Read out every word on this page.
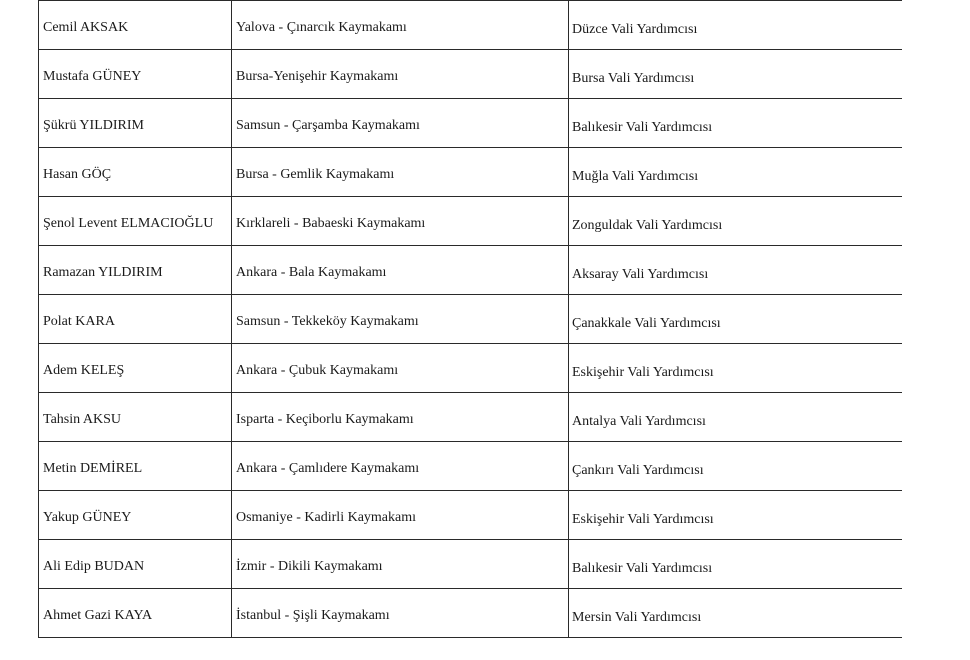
Cemil AKSAK	Yalova - Çınarcık Kaymakamı	Düzce Vali Yardımcısı
Mustafa GÜNEY	Bursa-Yenişehir Kaymakamı	Bursa Vali Yardımcısı
Şükrü YILDIRIM	Samsun - Çarşamba Kaymakamı	Balıkesir Vali Yardımcısı
Hasan GÖÇ	Bursa - Gemlik Kaymakamı	Muğla Vali Yardımcısı
Şenol Levent ELMACIOĞLU	Kırklareli - Babaeski Kaymakamı	Zonguldak Vali Yardımcısı
Ramazan YILDIRIM	Ankara - Bala Kaymakamı	Aksaray Vali Yardımcısı
Polat KARA	Samsun - Tekkeköy Kaymakamı	Çanakkale Vali Yardımcısı
Adem KELEŞ	Ankara - Çubuk Kaymakamı	Eskişehir Vali Yardımcısı
Tahsin AKSU	Isparta - Keçiborlu Kaymakamı	Antalya Vali Yardımcısı
Metin DEMİREL	Ankara - Çamlıdere Kaymakamı	Çankırı Vali Yardımcısı
Yakup GÜNEY	Osmaniye - Kadirli Kaymakamı	Eskişehir Vali Yardımcısı
Ali Edip BUDAN	İzmir - Dikili Kaymakamı	Balıkesir Vali Yardımcısı
Ahmet Gazi KAYA	İstanbul - Şişli Kaymakamı	Mersin Vali Yardımcısı
